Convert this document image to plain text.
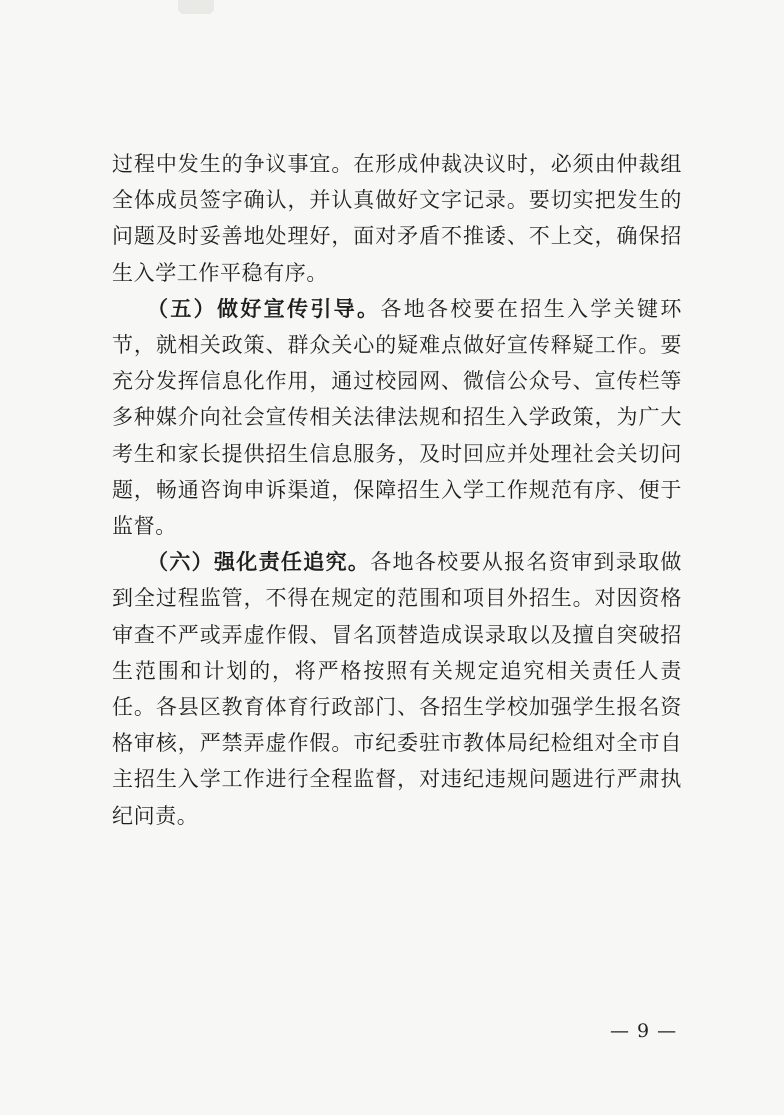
过程中发生的争议事宜。在形成仲裁决议时，必须由仲裁组全体成员签字确认，并认真做好文字记录。要切实把发生的问题及时妥善地处理好，面对矛盾不推诿、不上交，确保招生入学工作平稳有序。

（五）做好宣传引导。各地各校要在招生入学关键环节，就相关政策、群众关心的疑难点做好宣传释疑工作。要充分发挥信息化作用，通过校园网、微信公众号、宣传栏等多种媒介向社会宣传相关法律法规和招生入学政策，为广大考生和家长提供招生信息服务，及时回应并处理社会关切问题，畅通咨询申诉渠道，保障招生入学工作规范有序、便于监督。

（六）强化责任追究。各地各校要从报名资审到录取做到全过程监管，不得在规定的范围和项目外招生。对因资格审查不严或弄虚作假、冒名顶替造成误录取以及擅自突破招生范围和计划的，将严格按照有关规定追究相关责任人责任。各县区教育体育行政部门、各招生学校加强学生报名资格审核，严禁弄虚作假。市纪委驻市教体局纪检组对全市自主招生入学工作进行全程监督，对违纪违规问题进行严肃执纪问责。

— 9 —
